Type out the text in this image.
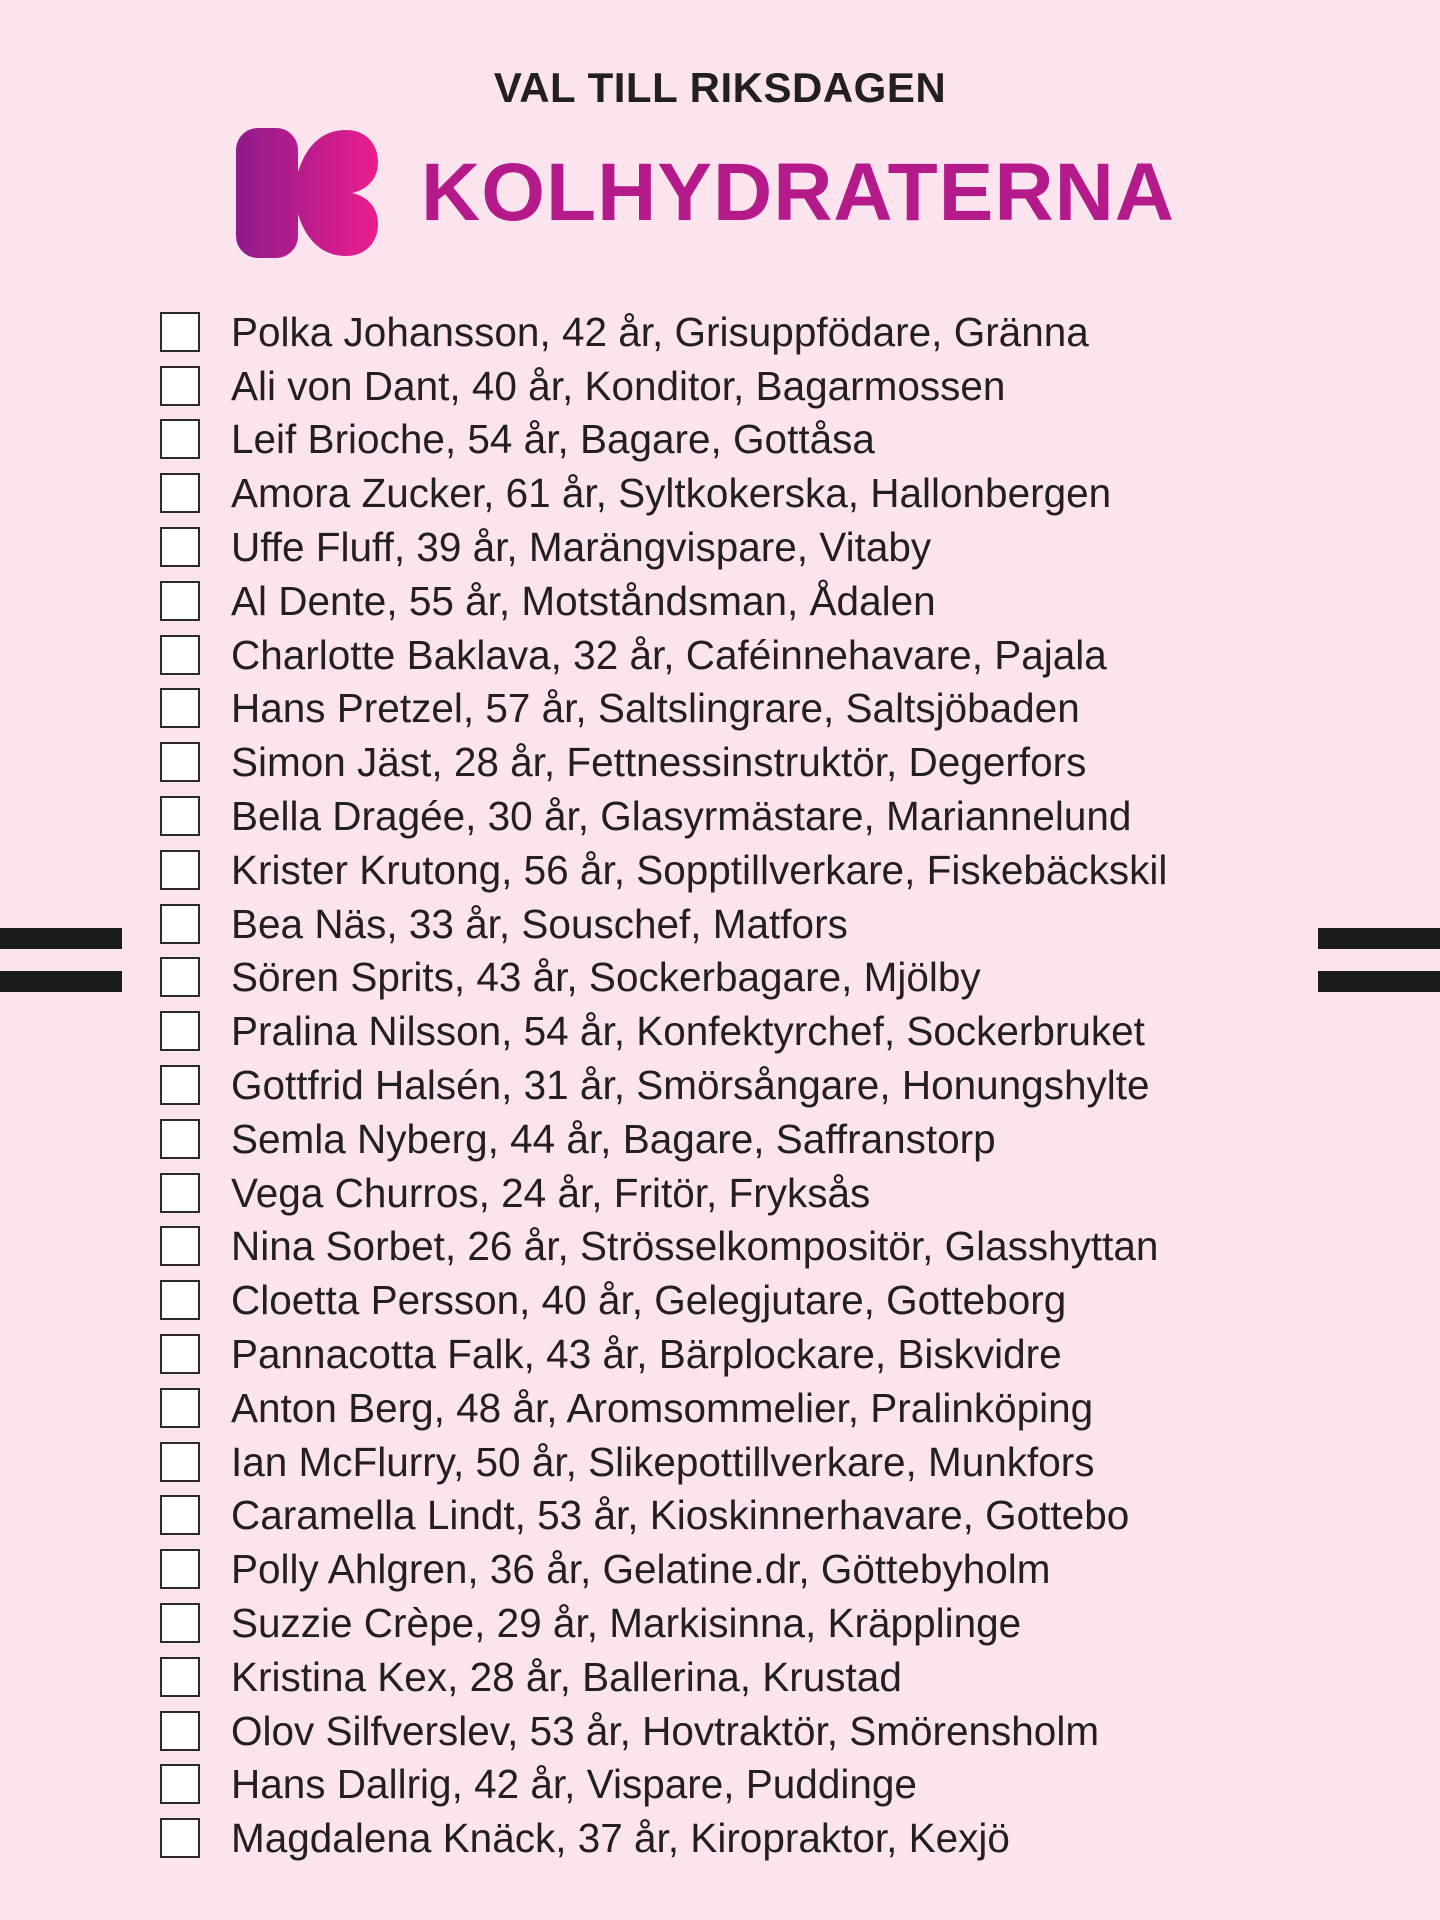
VAL TILL RIKSDAGEN
KOLHYDRATERNA
Polka Johansson, 42 år, Grisuppfödare, Gränna
Ali von Dant, 40 år, Konditor, Bagarmossen
Leif Brioche, 54 år, Bagare, Gottåsa
Amora Zucker, 61 år, Syltkokerska, Hallonbergen
Uffe Fluff, 39 år, Marängvispare, Vitaby
Al Dente, 55 år, Motståndsman, Ådalen
Charlotte Baklava, 32 år, Caféinnehavare, Pajala
Hans Pretzel, 57 år, Saltslingrare, Saltsjöbaden
Simon Jäst, 28 år, Fettnessinstruktör, Degerfors
Bella Dragée, 30 år, Glasyrmästare, Mariannelund
Krister Krutong, 56 år, Sopptillverkare, Fiskebäckskil
Bea Näs, 33 år, Souschef, Matfors
Sören Sprits, 43 år, Sockerbagare, Mjölby
Pralina Nilsson, 54 år, Konfektyrchef, Sockerbruket
Gottfrid Halsén, 31 år, Smörsångare, Honungshylte
Semla Nyberg, 44 år, Bagare, Saffranstorp
Vega Churros, 24 år, Fritör, Fryksås
Nina Sorbet, 26 år, Strösselkompositör, Glasshyttan
Cloetta Persson, 40 år, Gelegjutare, Gotteborg
Pannacotta Falk, 43 år, Bärplockare, Biskvidre
Anton Berg, 48 år, Aromsommelier, Pralinköping
Ian McFlurry, 50 år, Slikepottillverkare, Munkfors
Caramella Lindt, 53 år, Kioskinnerhavare, Gottebo
Polly Ahlgren, 36 år, Gelatine.dr, Göttebyholm
Suzzie Crèpe, 29 år, Markisinna, Kräpplinge
Kristina Kex, 28 år, Ballerina, Krustad
Olov Silfverslev, 53 år, Hovtraktör, Smörensholm
Hans Dallrig, 42 år, Vispare, Puddinge
Magdalena Knäck, 37 år, Kiropraktor, Kexjö
